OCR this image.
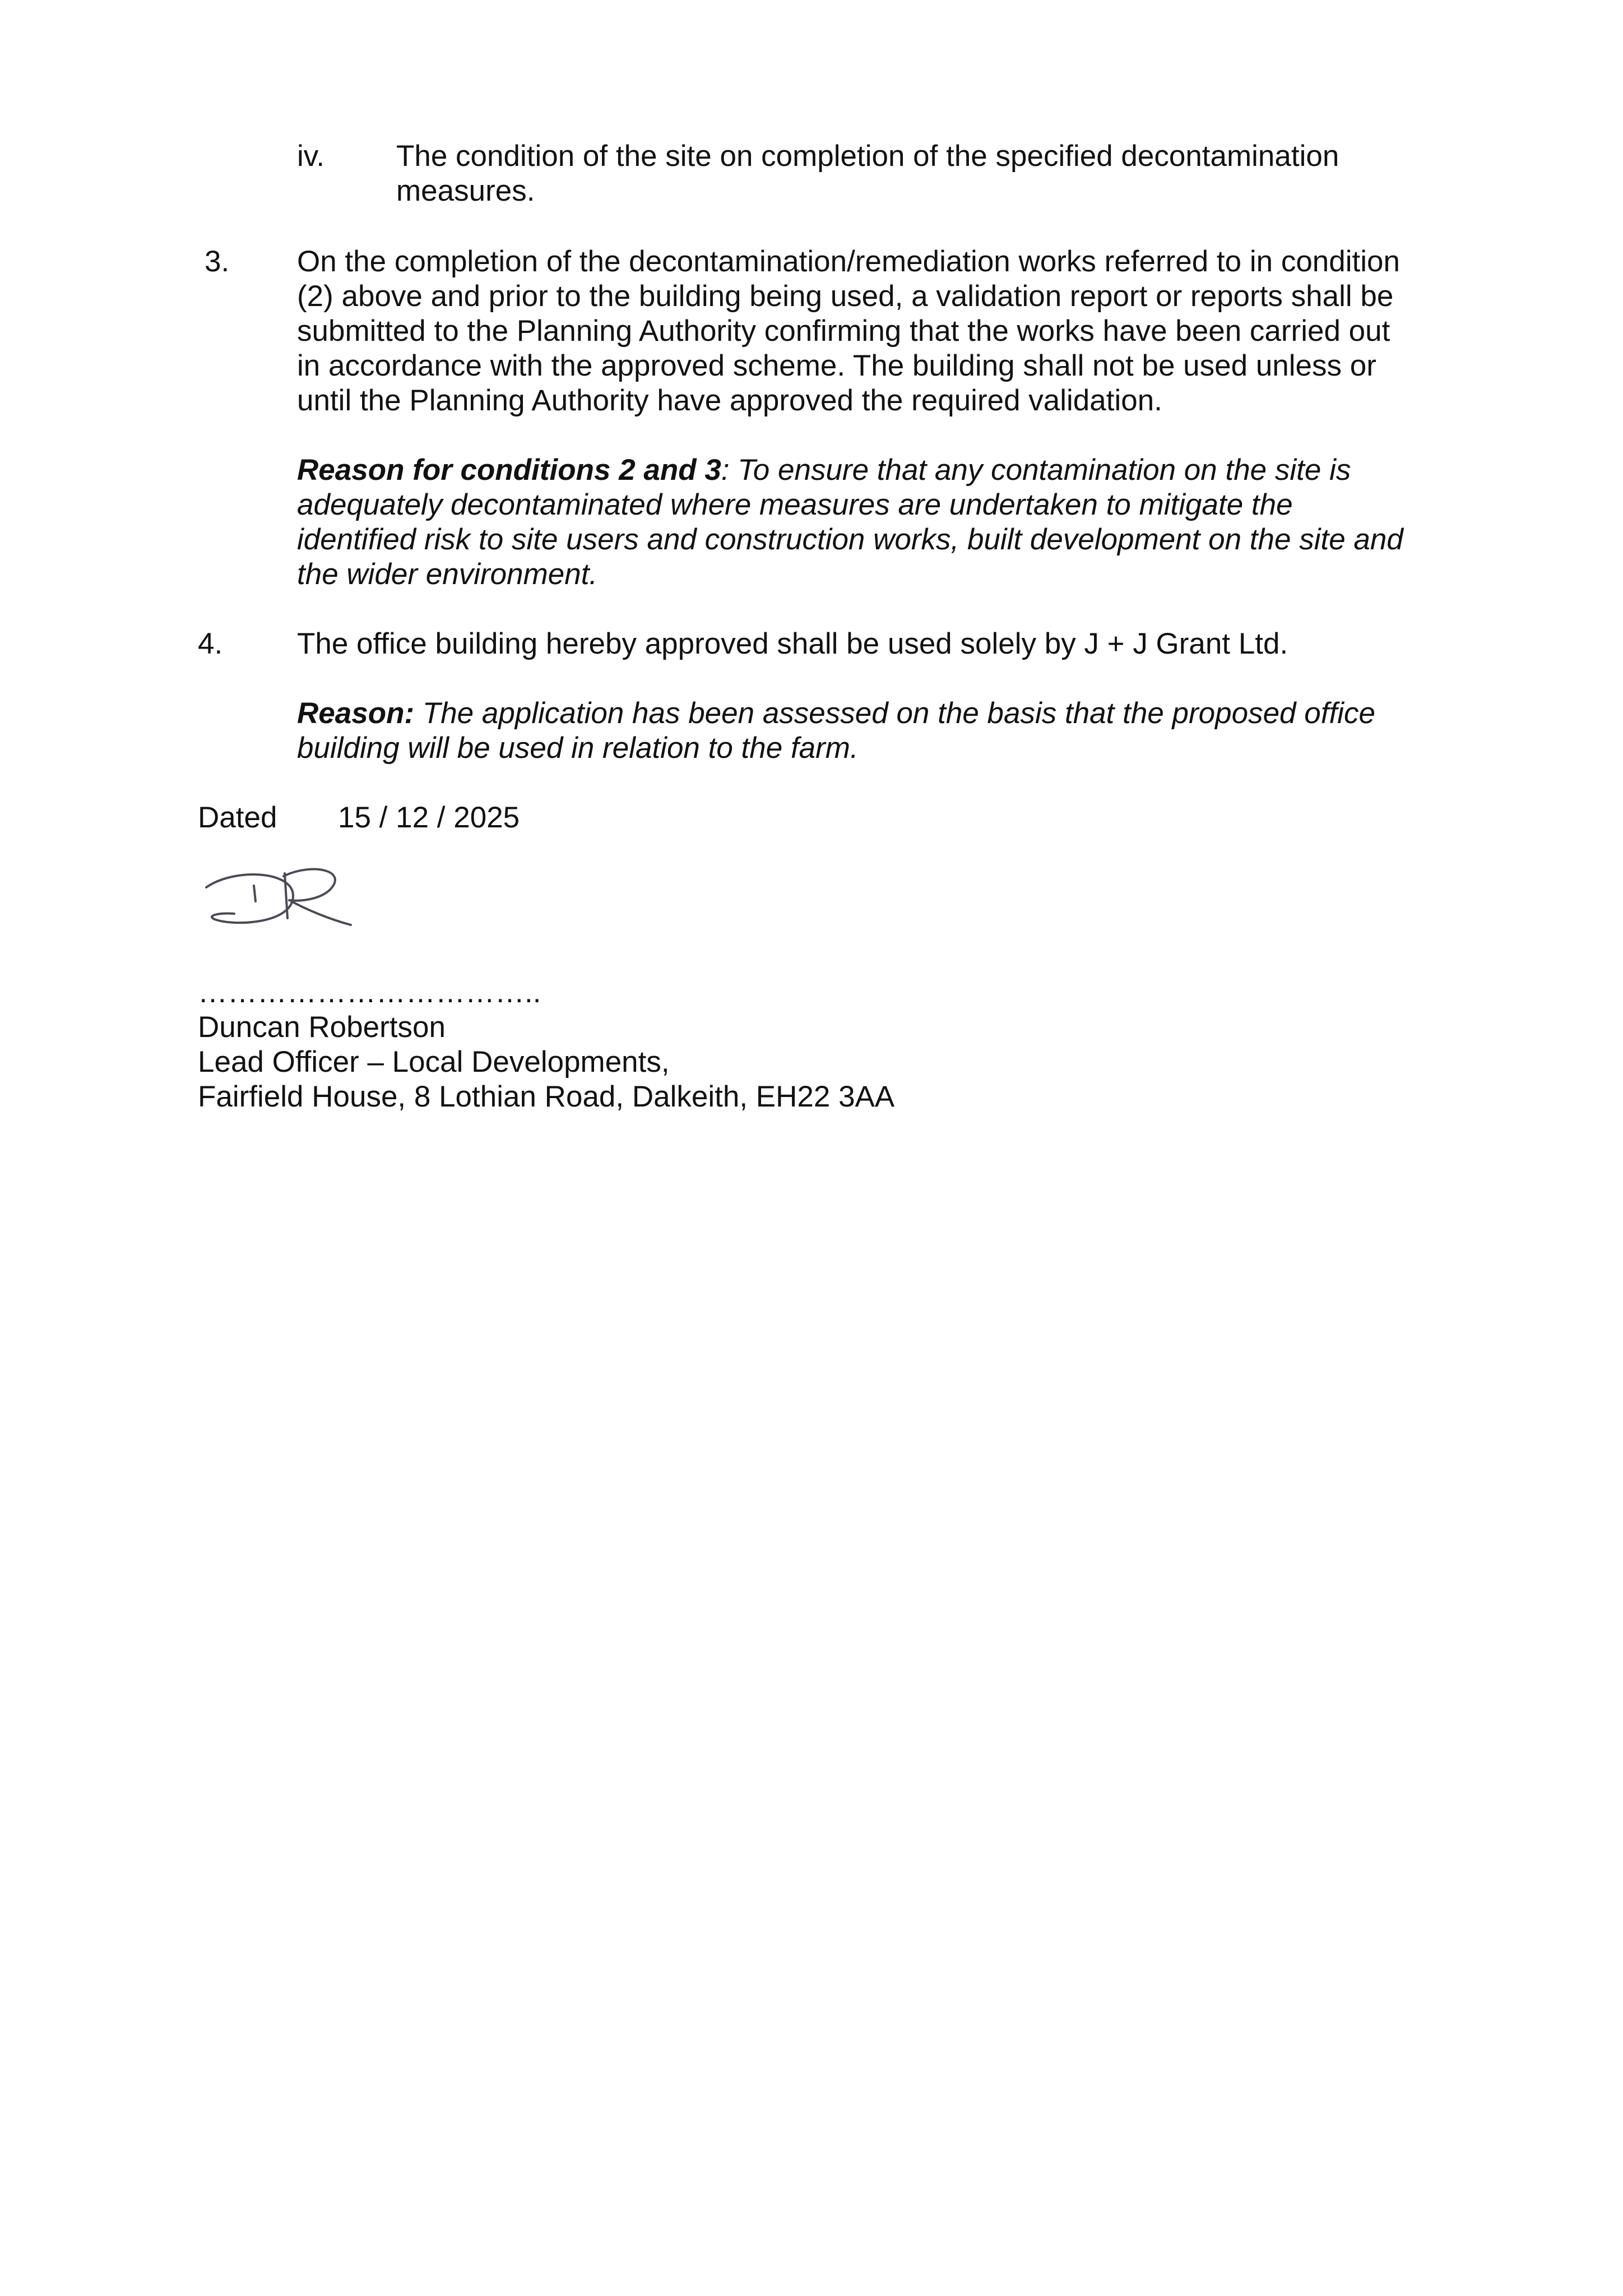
iv. The condition of the site on completion of the specified decontamination
measures.
3. On the completion of the decontamination/remediation works referred to in condition
(2) above and prior to the building being used, a validation report or reports shall be
submitted to the Planning Authority confirming that the works have been carried out
in accordance with the approved scheme. The building shall not be used unless or
until the Planning Authority have approved the required validation.
Reason for conditions 2 and 3: To ensure that any contamination on the site is
adequately decontaminated where measures are undertaken to mitigate the
identified risk to site users and construction works, built development on the site and
the wider environment.
4.	The office building hereby approved shall be used solely by J + J Grant Ltd.
Reason: The application has been assessed on the basis that the proposed office
building will be used in relation to the farm.
Dated 15 / 12 / 2025
……………………………..
Duncan Robertson
Lead Officer – Local Developments,
Fairfield House, 8 Lothian Road, Dalkeith, EH22 3AA
